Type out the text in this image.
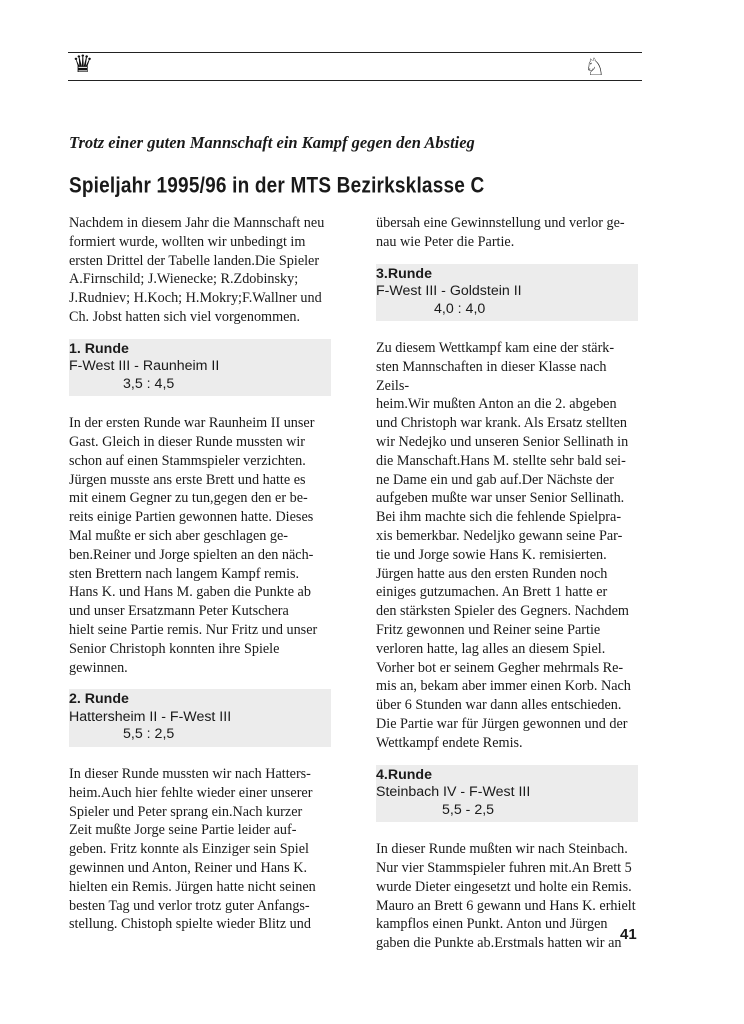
♛	♘
Trotz einer guten Mannschaft ein Kampf gegen den Abstieg
Spieljahr 1995/96 in der MTS Bezirksklasse C

Nachdem in diesem Jahr die Mannschaft neu
formiert wurde, wollten wir unbedingt im
ersten Drittel der Tabelle landen.Die Spieler
A.Firnschild; J.Wienecke; R.Zdobinsky;
J.Rudniev; H.Koch; H.Mokry;F.Wallner und
Ch. Jobst hatten sich viel vorgenommen.

1. Runde
F-West III - Raunheim II
3,5 : 4,5

In der ersten Runde war Raunheim II unser
Gast. Gleich in dieser Runde mussten wir
schon auf einen Stammspieler verzichten.
Jürgen musste ans erste Brett und hatte es
mit einem Gegner zu tun,gegen den er be-
reits einige Partien gewonnen hatte. Dieses
Mal mußte er sich aber geschlagen ge-
ben.Reiner und Jorge spielten an den näch-
sten Brettern nach langem Kampf remis.
Hans K. und Hans M. gaben die Punkte ab
und unser Ersatzmann Peter Kutschera
hielt seine Partie remis. Nur Fritz und unser
Senior Christoph konnten ihre Spiele
gewinnen.

2. Runde
Hattersheim II - F-West III
5,5 : 2,5

In dieser Runde mussten wir nach Hatters-
heim.Auch hier fehlte wieder einer unserer
Spieler und Peter sprang ein.Nach kurzer
Zeit mußte Jorge seine Partie leider auf-
geben. Fritz konnte als Einziger sein Spiel
gewinnen und Anton, Reiner und Hans K.
hielten ein Remis. Jürgen hatte nicht seinen
besten Tag und verlor trotz guter Anfangs-
stellung. Chistoph spielte wieder Blitz und

übersah eine Gewinnstellung und verlor ge-
nau wie Peter die Partie.

3.Runde
F-West III - Goldstein II
4,0 : 4,0

Zu diesem Wettkampf kam eine der stärk-
sten Mannschaften in dieser Klasse nach
Zeils-
heim.Wir mußten Anton an die 2. abgeben
und Christoph war krank. Als Ersatz stellten
wir Nedejko und unseren Senior Sellinath in
die Manschaft.Hans M. stellte sehr bald sei-
ne Dame ein und gab auf.Der Nächste der
aufgeben mußte war unser Senior Sellinath.
Bei ihm machte sich die fehlende Spielpra-
xis bemerkbar. Nedeljko gewann seine Par-
tie und Jorge sowie Hans K. remisierten.
Jürgen hatte aus den ersten Runden noch
einiges gutzumachen. An Brett 1 hatte er
den stärksten Spieler des Gegners. Nachdem
Fritz gewonnen und Reiner seine Partie
verloren hatte, lag alles an diesem Spiel.
Vorher bot er seinem Gegher mehrmals Re-
mis an, bekam aber immer einen Korb. Nach
über 6 Stunden war dann alles entschieden.
Die Partie war für Jürgen gewonnen und der
Wettkampf endete Remis.

4.Runde
Steinbach IV - F-West III
5,5 - 2,5

In dieser Runde mußten wir nach Steinbach.
Nur vier Stammspieler fuhren mit.An Brett 5
wurde Dieter eingesetzt und holte ein Remis.
Mauro an Brett 6 gewann und Hans K. erhielt
kampflos einen Punkt. Anton und Jürgen
gaben die Punkte ab.Erstmals hatten wir an

41
